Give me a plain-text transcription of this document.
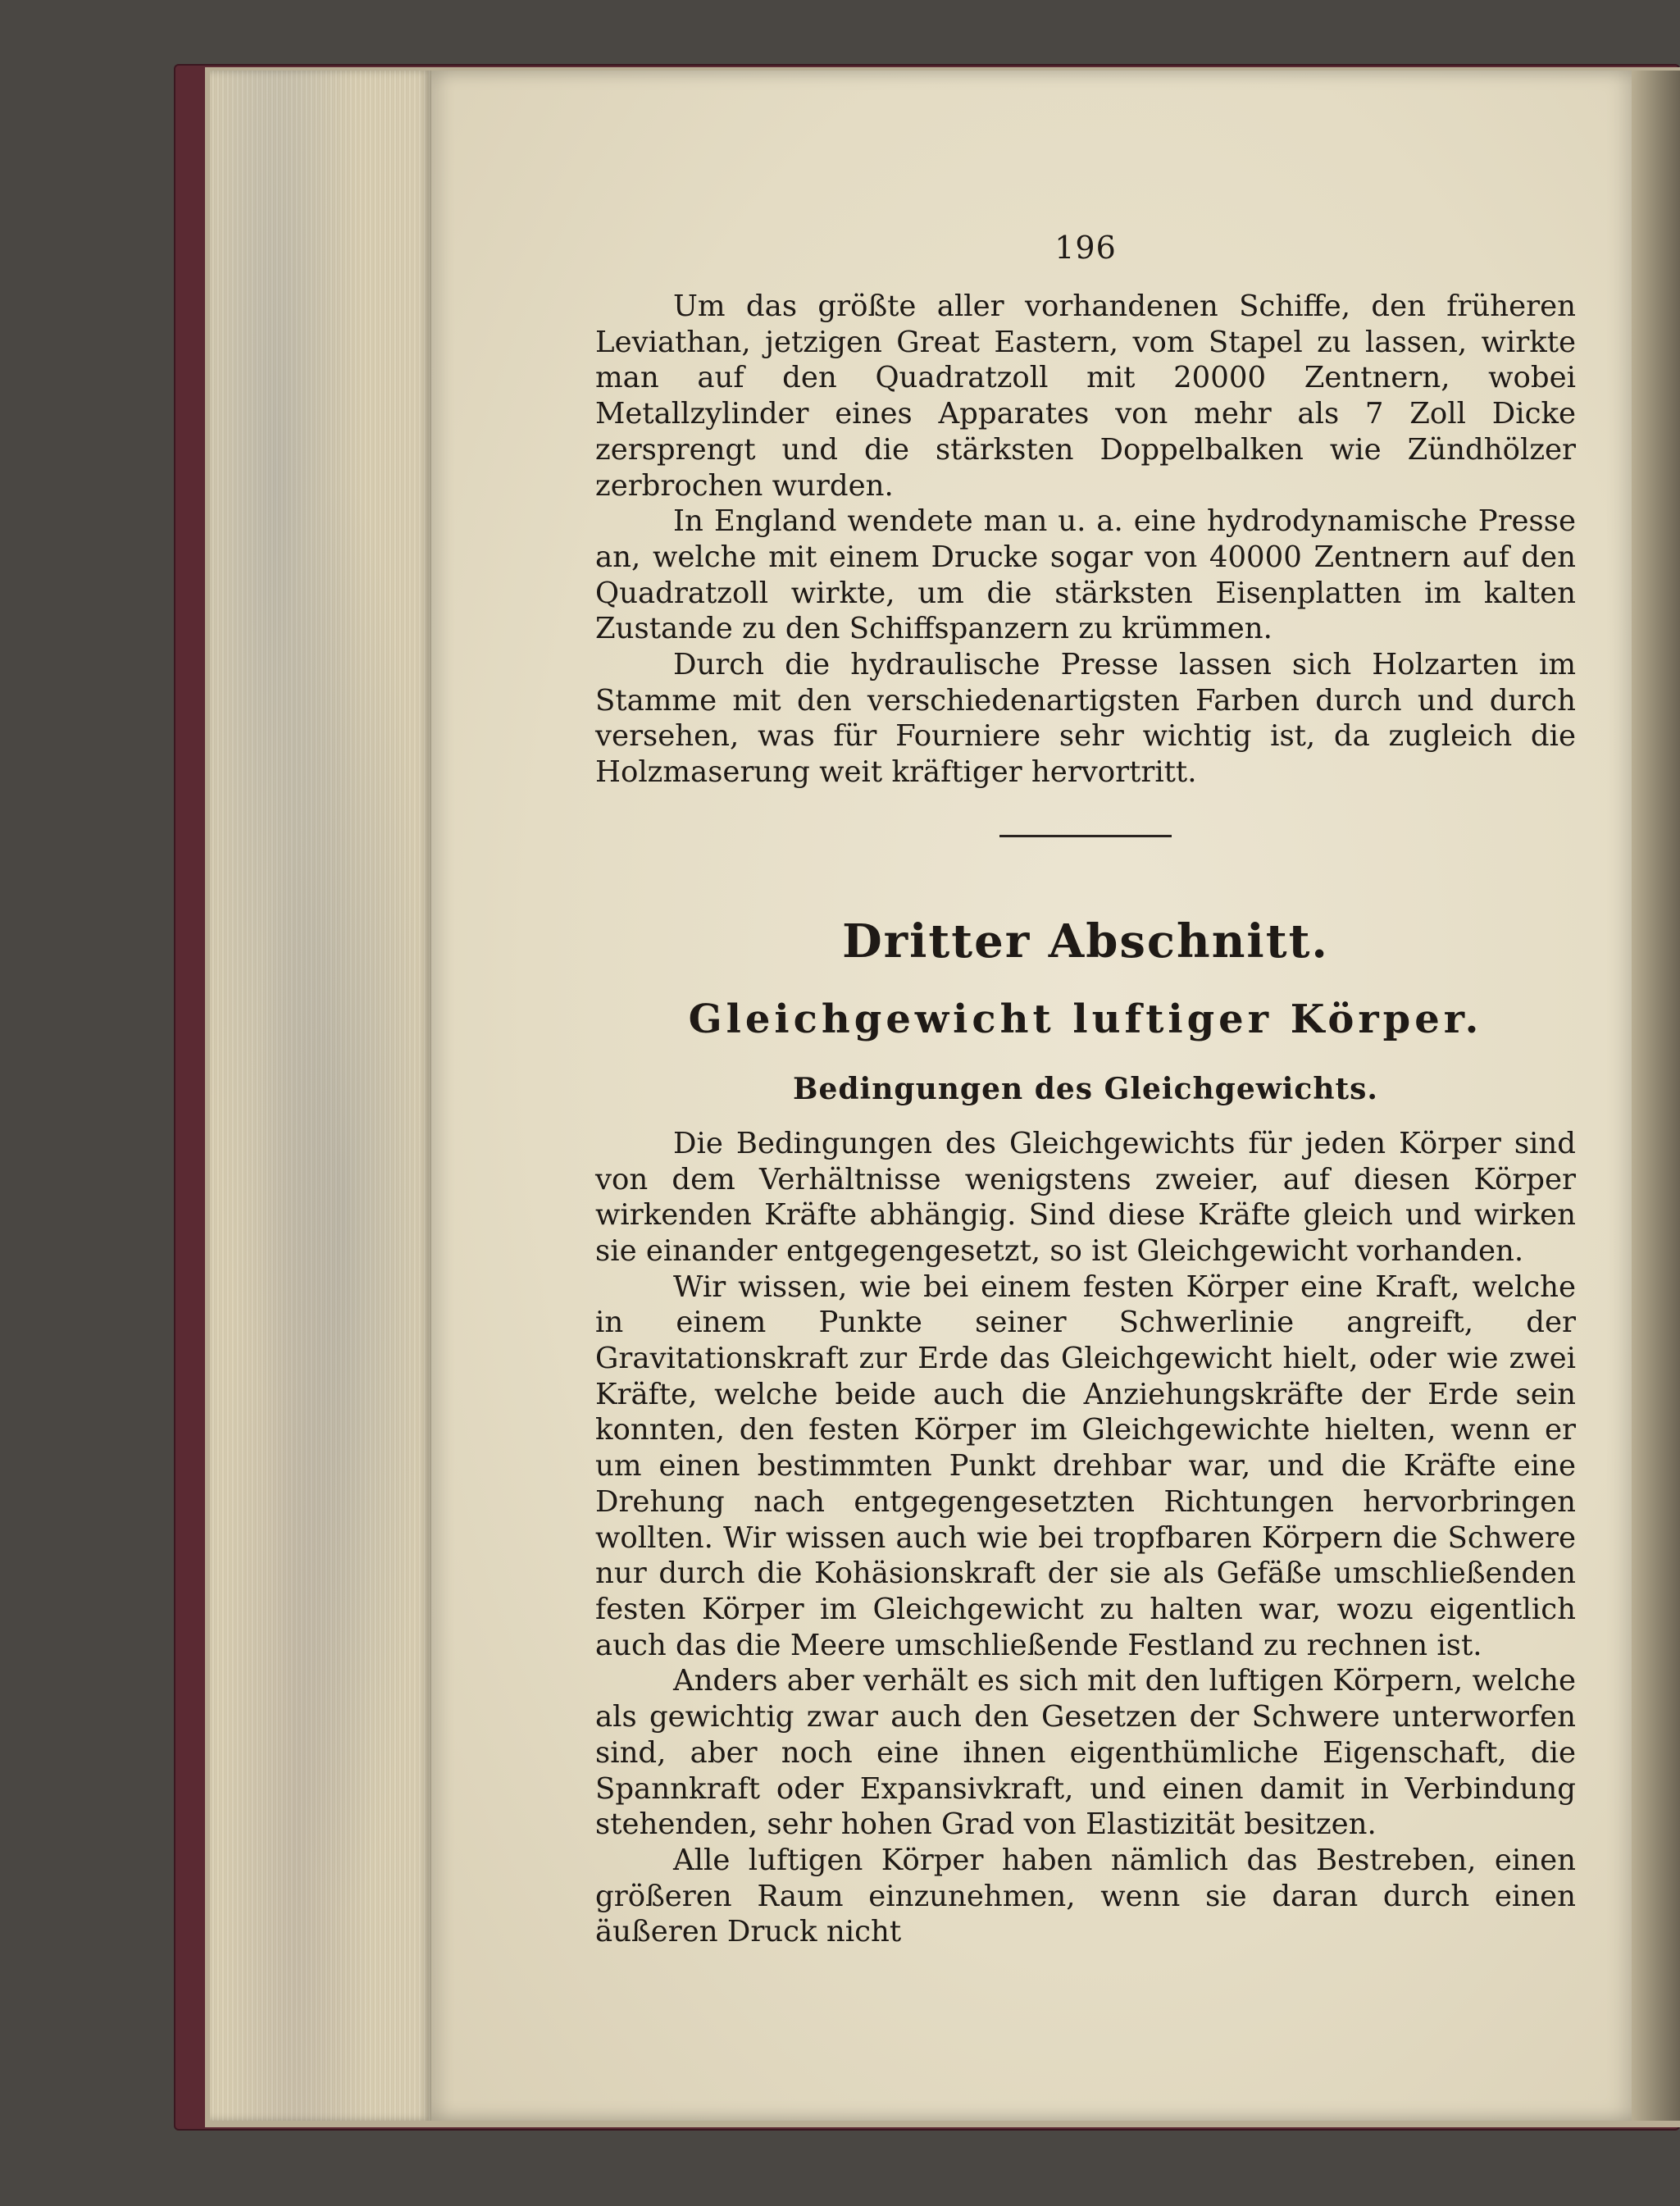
196

Um das größte aller vorhandenen Schiffe, den früheren Leviathan, jetzigen Great Eastern, vom Stapel zu lassen, wirkte man auf den Quadratzoll mit 20000 Zentnern, wobei Metallzylinder eines Apparates von mehr als 7 Zoll Dicke zersprengt und die stärksten Doppelbalken wie Zündhölzer zerbrochen wurden.

In England wendete man u. a. eine hydrodynamische Presse an, welche mit einem Drucke sogar von 40000 Zentnern auf den Quadratzoll wirkte, um die stärksten Eisenplatten im kalten Zustande zu den Schiffspanzern zu krümmen.

Durch die hydraulische Presse lassen sich Holzarten im Stamme mit den verschiedenartigsten Farben durch und durch versehen, was für Fourniere sehr wichtig ist, da zugleich die Holzmaserung weit kräftiger hervortritt.

Dritter Abschnitt.
Gleichgewicht luftiger Körper.
Bedingungen des Gleichgewichts.

Die Bedingungen des Gleichgewichts für jeden Körper sind von dem Verhältnisse wenigstens zweier, auf diesen Körper wirkenden Kräfte abhängig. Sind diese Kräfte gleich und wirken sie einander entgegengesetzt, so ist Gleichgewicht vorhanden.

Wir wissen, wie bei einem festen Körper eine Kraft, welche in einem Punkte seiner Schwerlinie angreift, der Gravitationskraft zur Erde das Gleichgewicht hielt, oder wie zwei Kräfte, welche beide auch die Anziehungskräfte der Erde sein konnten, den festen Körper im Gleichgewichte hielten, wenn er um einen bestimmten Punkt drehbar war, und die Kräfte eine Drehung nach entgegengesetzten Richtungen hervorbringen wollten. Wir wissen auch wie bei tropfbaren Körpern die Schwere nur durch die Kohäsionskraft der sie als Gefäße umschließenden festen Körper im Gleichgewicht zu halten war, wozu eigentlich auch das die Meere umschließende Festland zu rechnen ist.

Anders aber verhält es sich mit den luftigen Körpern, welche als gewichtig zwar auch den Gesetzen der Schwere unterworfen sind, aber noch eine ihnen eigenthümliche Eigenschaft, die Spannkraft oder Expansivkraft, und einen damit in Verbindung stehenden, sehr hohen Grad von Elastizität besitzen.

Alle luftigen Körper haben nämlich das Bestreben, einen größeren Raum einzunehmen, wenn sie daran durch einen äußeren Druck nicht
